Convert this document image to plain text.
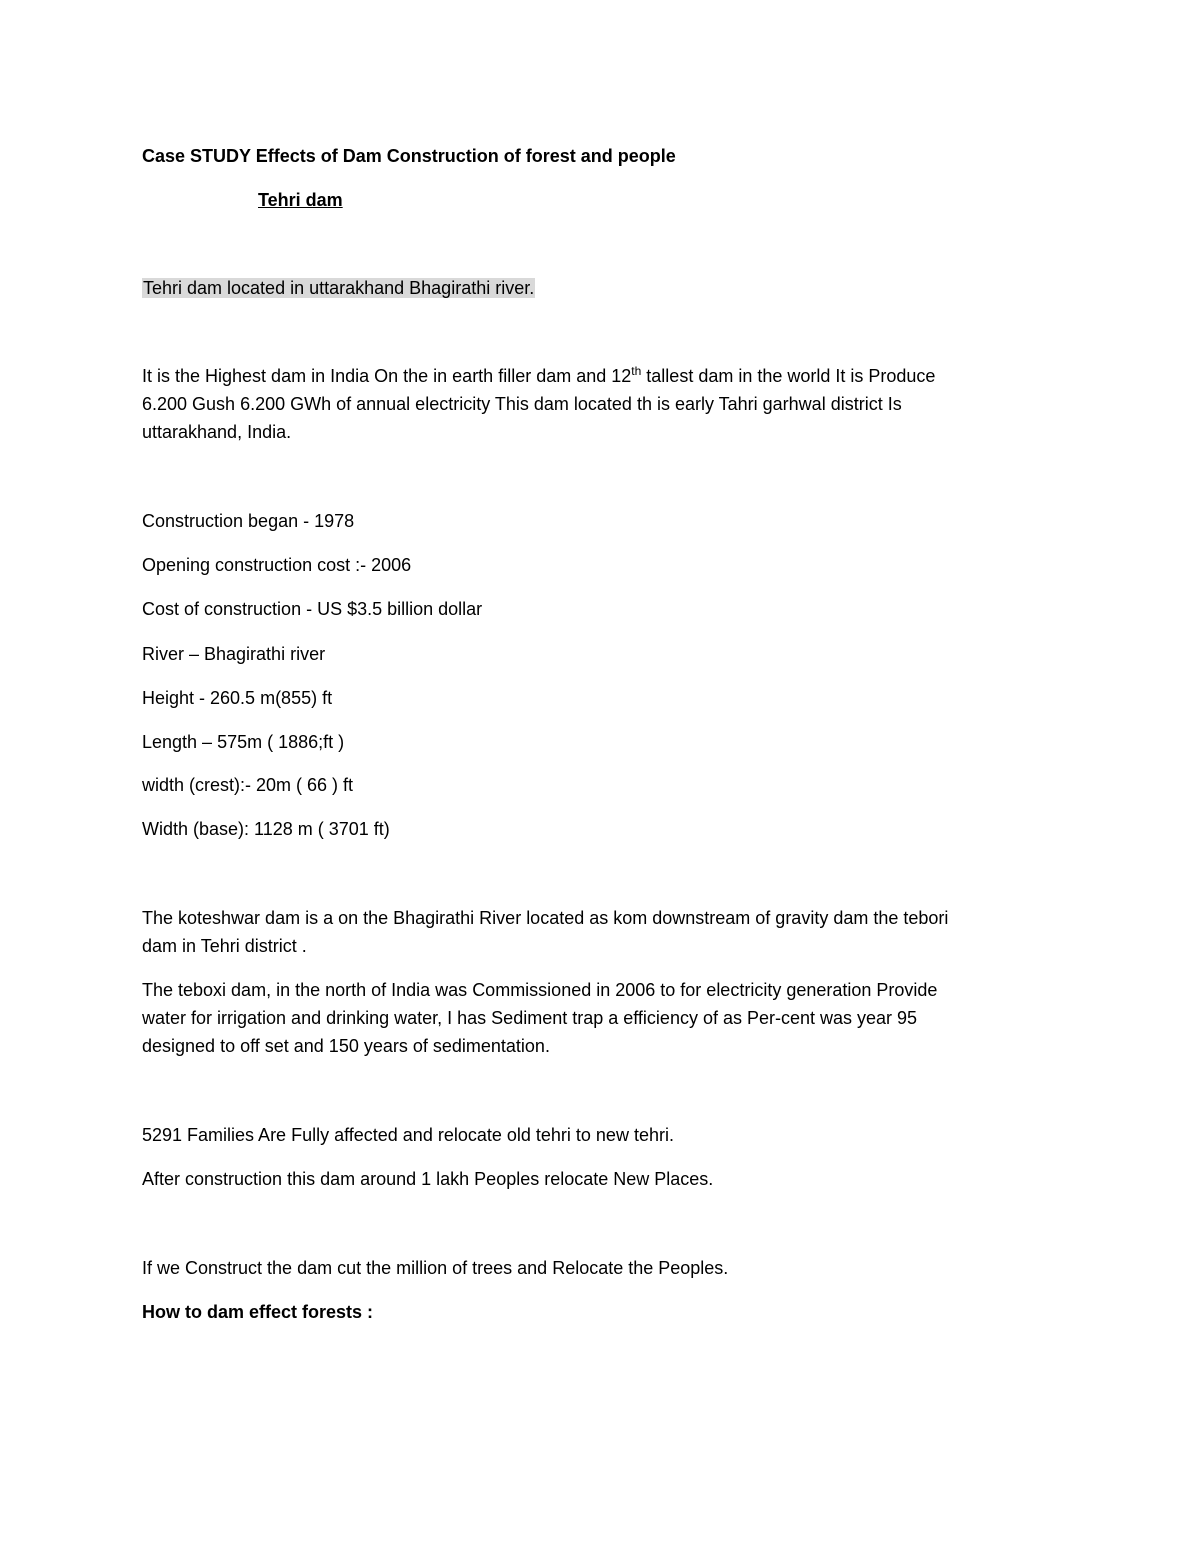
Case STUDY Effects of Dam Construction of forest and people
Tehri dam
Tehri dam located in uttarakhand Bhagirathi river.
It is the Highest dam in India On the in earth filler dam and 12th tallest dam in the world It is Produce
6.200 Gush 6.200 GWh of annual electricity This dam located th is early Tahri garhwal district Is
uttarakhand, India.
Construction began - 1978
Opening construction cost :- 2006
Cost of construction - US $3.5 billion dollar
River – Bhagirathi river
Height - 260.5 m(855) ft
Length – 575m ( 1886;ft )
width (crest):- 20m ( 66 ) ft
Width (base): 1128 m ( 3701 ft)
The koteshwar dam is a on the Bhagirathi River located as kom downstream of gravity dam the tebori
dam in Tehri district .
The teboxi dam, in the north of India was Commissioned in 2006 to for electricity generation Provide
water for irrigation and drinking water, I has Sediment trap a efficiency of as Per-cent was year 95
designed to off set and 150 years of sedimentation.
5291 Families Are Fully affected and relocate old tehri to new tehri.
After construction this dam around 1 lakh Peoples relocate New Places.
If we Construct the dam cut the million of trees and Relocate the Peoples.
How to dam effect forests :
